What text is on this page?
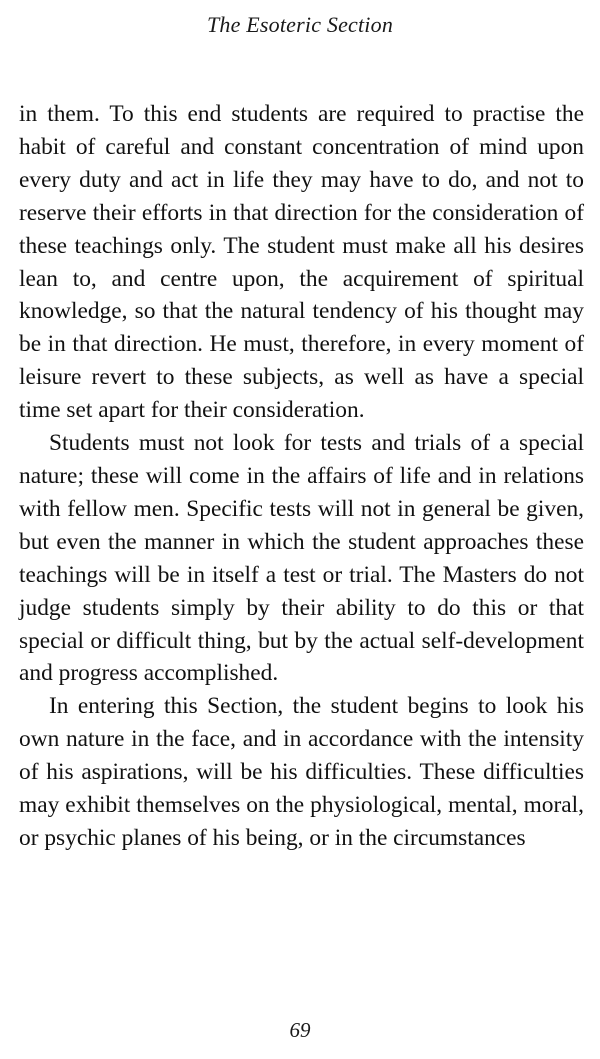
The Esoteric Section

in them. To this end students are required to practise the habit of careful and constant concentration of mind upon every duty and act in life they may have to do, and not to reserve their efforts in that direction for the consideration of these teachings only. The student must make all his desires lean to, and centre upon, the acquirement of spiritual knowledge, so that the natural tendency of his thought may be in that direction. He must, therefore, in every moment of leisure revert to these subjects, as well as have a special time set apart for their consideration.

Students must not look for tests and trials of a special nature; these will come in the affairs of life and in relations with fellow men. Specific tests will not in general be given, but even the manner in which the student approaches these teachings will be in itself a test or trial. The Masters do not judge students simply by their ability to do this or that special or difficult thing, but by the actual self-development and progress accomplished.

In entering this Section, the student begins to look his own nature in the face, and in accordance with the intensity of his aspirations, will be his difficulties. These difficulties may exhibit themselves on the physiological, mental, moral, or psychic planes of his being, or in the circumstances

69
